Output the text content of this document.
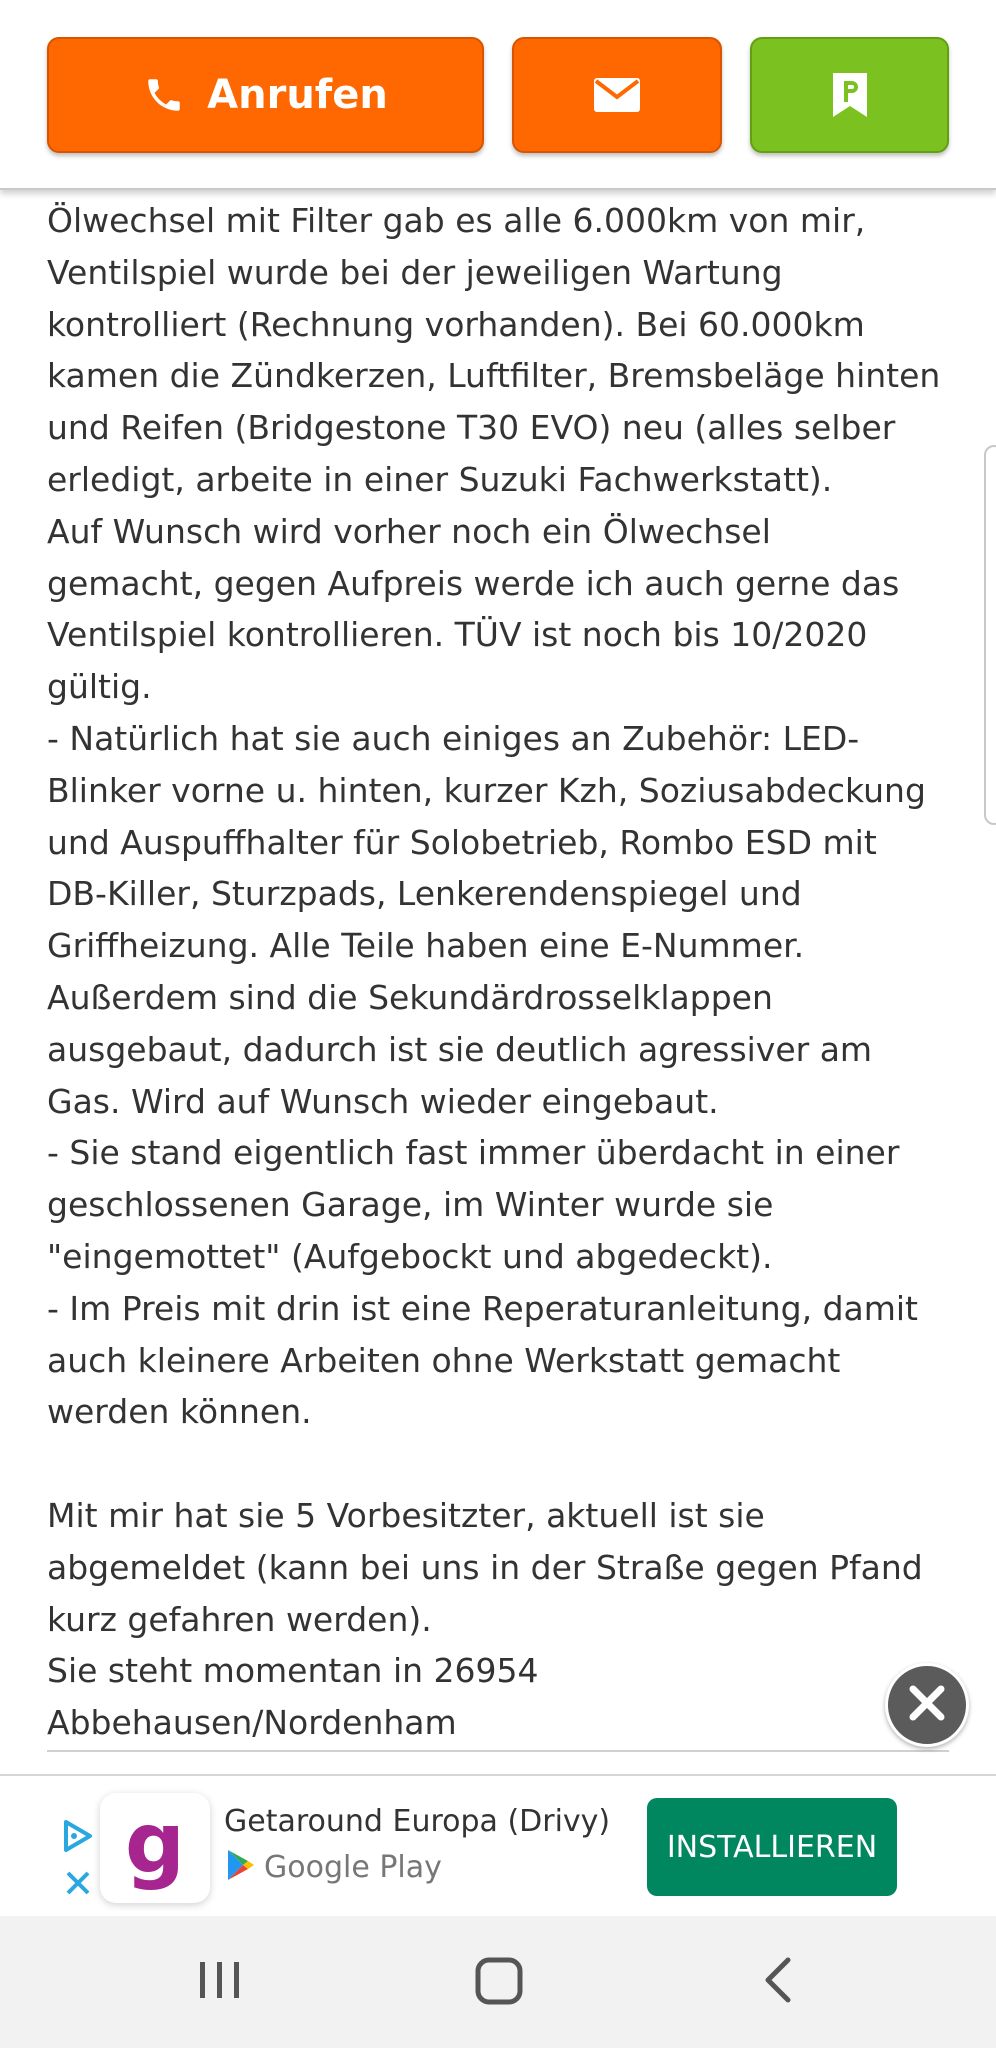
Anrufen

Ölwechsel mit Filter gab es alle 6.000km von mir,
Ventilspiel wurde bei der jeweiligen Wartung
kontrolliert (Rechnung vorhanden). Bei 60.000km
kamen die Zündkerzen, Luftfilter, Bremsbeläge hinten
und Reifen (Bridgestone T30 EVO) neu (alles selber
erledigt, arbeite in einer Suzuki Fachwerkstatt).
Auf Wunsch wird vorher noch ein Ölwechsel
gemacht, gegen Aufpreis werde ich auch gerne das
Ventilspiel kontrollieren. TÜV ist noch bis 10/2020
gültig.
- Natürlich hat sie auch einiges an Zubehör: LED-
Blinker vorne u. hinten, kurzer Kzh, Soziusabdeckung
und Auspuffhalter für Solobetrieb, Rombo ESD mit
DB-Killer, Sturzpads, Lenkerendenspiegel und
Griffheizung. Alle Teile haben eine E-Nummer.
Außerdem sind die Sekundärdrosselklappen
ausgebaut, dadurch ist sie deutlich agressiver am
Gas. Wird auf Wunsch wieder eingebaut.
- Sie stand eigentlich fast immer überdacht in einer
geschlossenen Garage, im Winter wurde sie
"eingemottet" (Aufgebockt und abgedeckt).
- Im Preis mit drin ist eine Reperaturanleitung, damit
auch kleinere Arbeiten ohne Werkstatt gemacht
werden können.

Mit mir hat sie 5 Vorbesitzter, aktuell ist sie
abgemeldet (kann bei uns in der Straße gegen Pfand
kurz gefahren werden).
Sie steht momentan in 26954
Abbehausen/Nordenham

g Getaround Europa (Drivy)
Google Play
INSTALLIEREN
